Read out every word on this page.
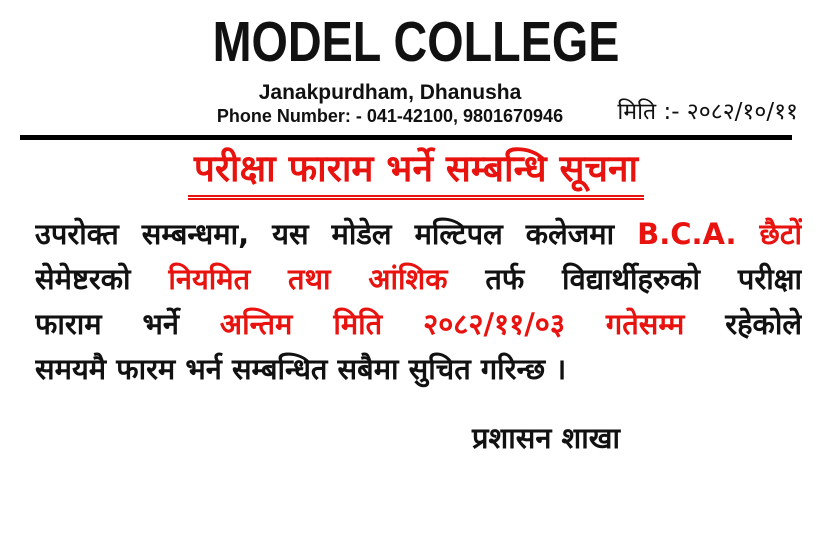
MODEL COLLEGE
Janakpurdham, Dhanusha
Phone Number: - 041-42100, 9801670946	मिति :- २०८२/१०/११
परीक्षा फाराम भर्ने सम्बन्धि सूचना
उपरोक्त सम्बन्धमा, यस मोडेल मल्टिपल कलेजमा B.C.A. छैटों
सेमेष्टरको नियमित तथा आंशिक तर्फ विद्यार्थीहरुको परीक्षा
फाराम भर्ने अन्तिम मिति २०८२/११/०३ गतेसम्म रहेकोले
समयमै फारम भर्न सम्बन्धित सबैमा सुचित गरिन्छ ।
प्रशासन शाखा
